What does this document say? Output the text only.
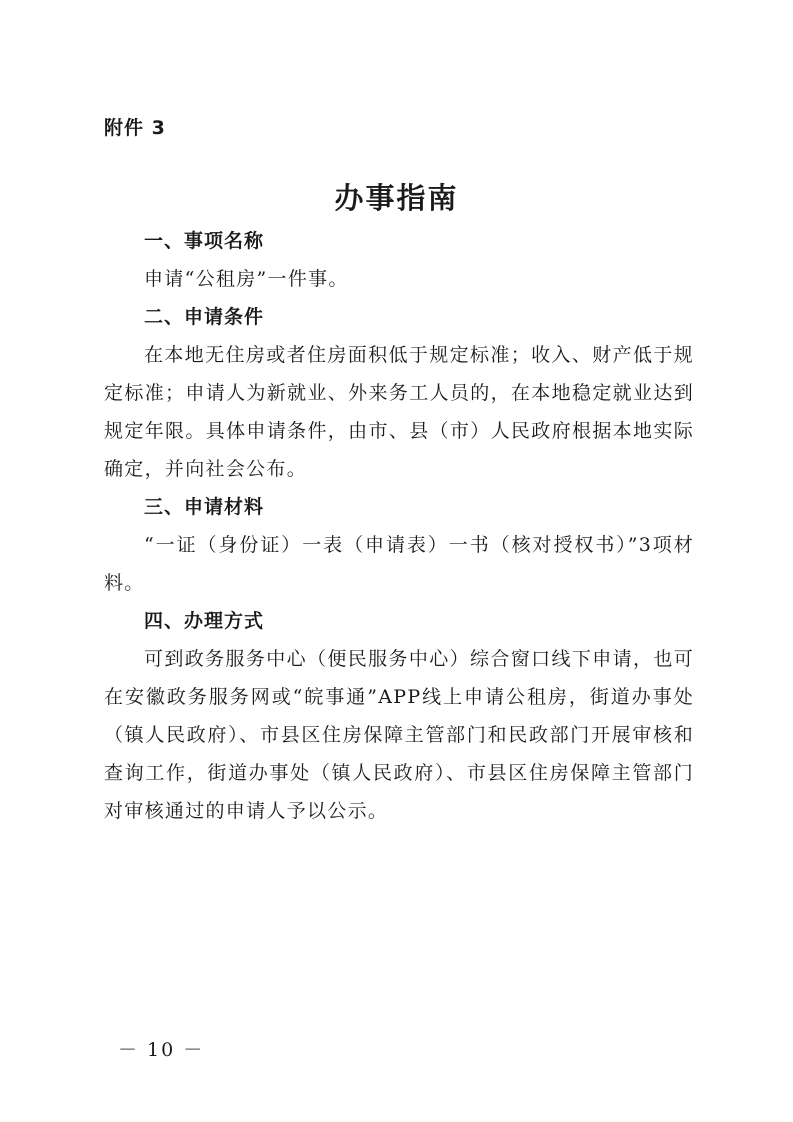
附件 3
办事指南

一、事项名称

申请“公租房”一件事。

二、申请条件

在本地无住房或者住房面积低于规定标准；收入、财产低于规定标准；申请人为新就业、外来务工人员的，在本地稳定就业达到规定年限。具体申请条件，由市、县（市）人民政府根据本地实际确定，并向社会公布。

三、申请材料

“一证（身份证）一表（申请表）一书（核对授权书）”3项材料。

四、办理方式

可到政务服务中心（便民服务中心）综合窗口线下申请，也可在安徽政务服务网或“皖事通”APP线上申请公租房，街道办事处（镇人民政府）、市县区住房保障主管部门和民政部门开展审核和查询工作，街道办事处（镇人民政府）、市县区住房保障主管部门对审核通过的申请人予以公示。

－ 10 －
